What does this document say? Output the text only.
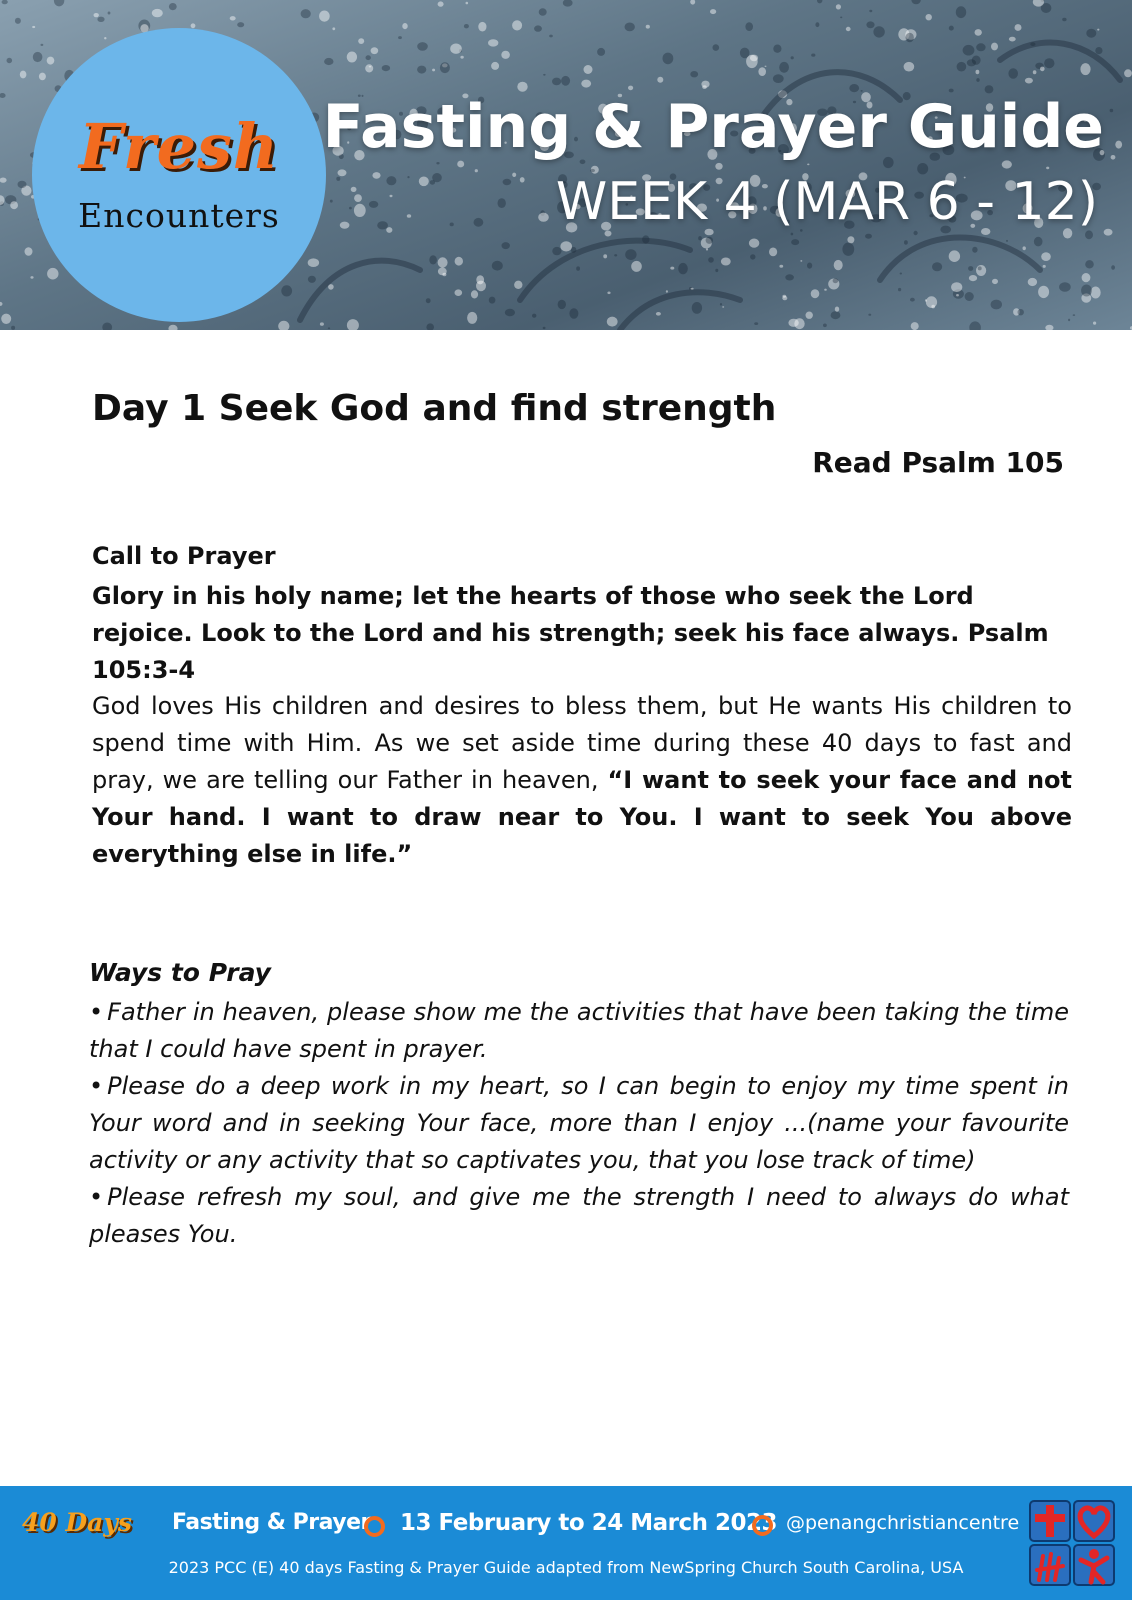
Fresh
Encounters
Fasting & Prayer Guide
WEEK 4 (MAR 6 - 12)
Day 1 Seek God and find strength
Read Psalm 105
Call to Prayer
Glory in his holy name; let the hearts of those who seek the Lord rejoice. Look to the Lord and his strength; seek his face always. Psalm 105:3-4
God loves His children and desires to bless them, but He wants His children to spend time with Him. As we set aside time during these 40 days to fast and pray, we are telling our Father in heaven, “I want to seek your face and not Your hand. I want to draw near to You. I want to seek You above everything else in life.”
Ways to Pray
• Father in heaven, please show me the activities that have been taking the time that I could have spent in prayer.
• Please do a deep work in my heart, so I can begin to enjoy my time spent in Your word and in seeking Your face, more than I enjoy ...(name your favourite activity or any activity that so captivates you, that you lose track of time)
• Please refresh my soul, and give me the strength I need to always do what pleases You.
40 Days Fasting & Prayer 13 February to 24 March 2023 @penangchristiancentre
2023 PCC (E) 40 days Fasting & Prayer Guide adapted from NewSpring Church South Carolina, USA
